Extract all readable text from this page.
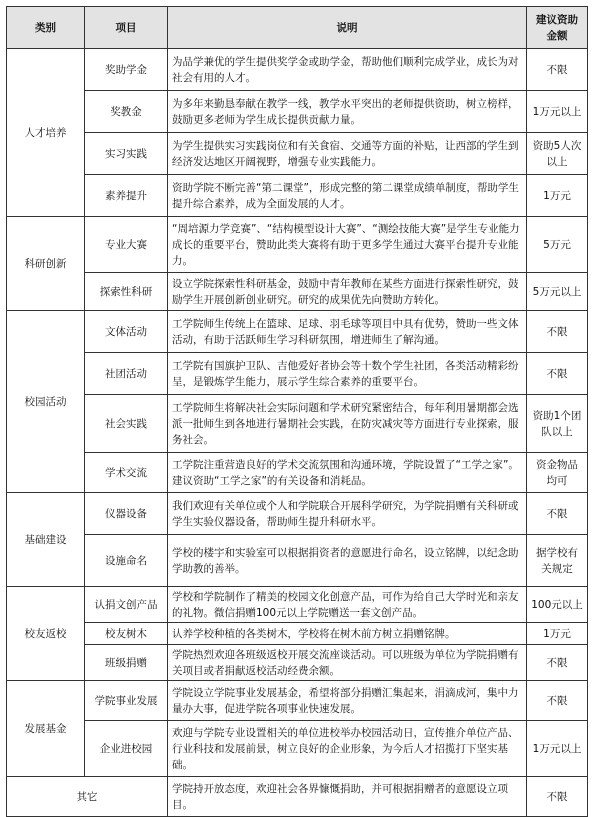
类别	项目	说明	建议资助金额
人才培养	奖助学金	为品学兼优的学生提供奖学金或助学金，帮助他们顺利完成学业，成长为对社会有用的人才。	不限
	奖教金	为多年来勤恳奉献在教学一线，教学水平突出的老师提供资助，树立榜样，鼓励更多老师为学生成长提供贡献力量。	1万元以上
	实习实践	为学生提供实习实践岗位和有关食宿、交通等方面的补贴，让西部的学生到经济发达地区开阔视野，增强专业实践能力。	资助5人次以上
	素养提升	资助学院不断完善“第二课堂”，形成完整的第二课堂成绩单制度，帮助学生提升综合素养，成为全面发展的人才。	1万元
科研创新	专业大赛	“周培源力学竞赛”、“结构模型设计大赛”、“测绘技能大赛”是学生专业能力成长的重要平台，赞助此类大赛将有助于更多学生通过大赛平台提升专业能力。	5万元
	探索性科研	设立学院探索性科研基金，鼓励中青年教师在某些方面进行探索性研究，鼓励学生开展创新创业研究。研究的成果优先向赞助方转化。	5万元以上
校园活动	文体活动	工学院师生传统上在篮球、足球、羽毛球等项目中具有优势，赞助一些文体活动，有助于活跃师生学习科研氛围，增进师生了解沟通。	不限
	社团活动	工学院有国旗护卫队、吉他爱好者协会等十数个学生社团，各类活动精彩纷呈，是锻炼学生能力，展示学生综合素养的重要平台。	不限
	社会实践	工学院师生将解决社会实际问题和学术研究紧密结合，每年利用暑期都会选派一批师生到各地进行暑期社会实践，在防灾减灾等方面进行专业探索，服务社会。	资助1个团队以上
	学术交流	工学院注重营造良好的学术交流氛围和沟通环境，学院设置了“工学之家”。建议资助“工学之家”的有关设备和消耗品。	资金物品均可
基础建设	仪器设备	我们欢迎有关单位或个人和学院联合开展科学研究，为学院捐赠有关科研或学生实验仪器设备，帮助师生提升科研水平。	不限
	设施命名	学校的楼宇和实验室可以根据捐资者的意愿进行命名，设立铭牌，以纪念助学助教的善举。	据学校有关规定
校友返校	认捐文创产品	学校和学院制作了精美的校园文化创意产品，可作为给自己大学时光和亲友的礼物。微信捐赠100元以上学院赠送一套文创产品。	100元以上
	校友树木	认养学校种植的各类树木，学校将在树木前方树立捐赠铭牌。	1万元
	班级捐赠	学院热烈欢迎各班级返校开展交流座谈活动。可以班级为单位为学院捐赠有关项目或者捐献返校活动经费余额。	不限
发展基金	学院事业发展	学院设立学院事业发展基金，希望将部分捐赠汇集起来，涓滴成河，集中力量办大事，促进学院各项事业快速发展。	不限
	企业进校园	欢迎与学院专业设置相关的单位进校举办校园活动日，宣传推介单位产品、行业科技和发展前景，树立良好的企业形象，为今后人才招揽打下坚实基础。	1万元以上
其它		学院持开放态度，欢迎社会各界慷慨捐助，并可根据捐赠者的意愿设立项目。	不限
